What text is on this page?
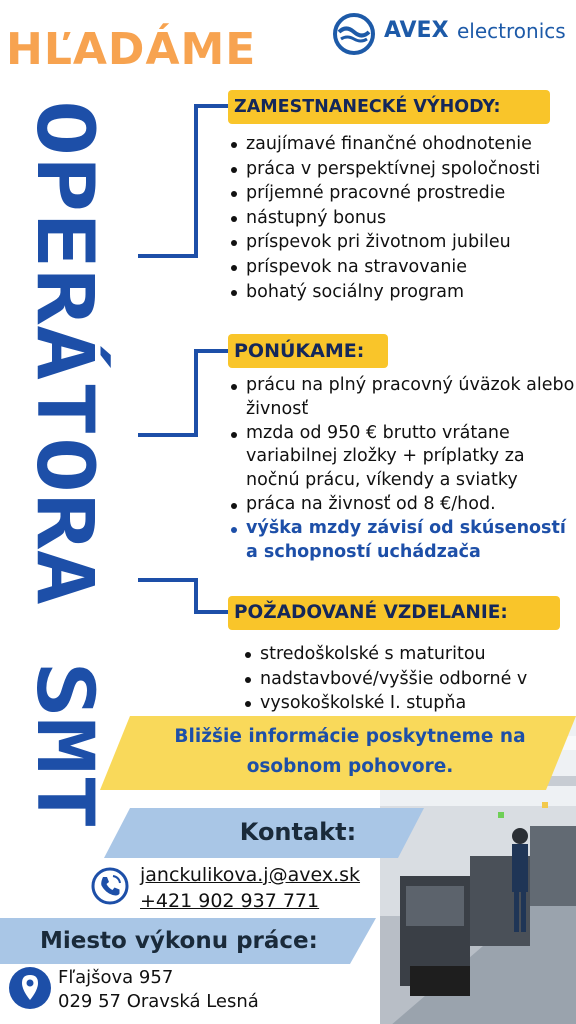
HĽADÁME	AVEX electronics
OPERÁTORA SMT	ZAMESTNANECKÉ VÝHODY:
zaujímavé finančné ohodnotenie
práca v perspektívnej spoločnosti
príjemné pracovné prostredie
nástupný bonus
príspevok pri životnom jubileu
príspevok na stravovanie
bohatý sociálny program
PONÚKAME:
prácu na plný pracovný úväzok alebo živnosť
mzda od 950 € brutto vrátane variabilnej zložky + príplatky za nočnú prácu, víkendy a sviatky
práca na živnosť od 8 €/hod.
výška mzdy závisí od skúseností a schopností uchádzača
POŽADOVANÉ VZDELANIE:
stredoškolské s maturitou
nadstavbové/vyššie odborné v
vysokoškolské I. stupňa
Bližšie informácie poskytneme na osobnom pohovore.
Kontakt:
janckulikova.j@avex.sk
+421 902 937 771
Miesto výkonu práce:
Fľajšova 957
029 57 Oravská Lesná
